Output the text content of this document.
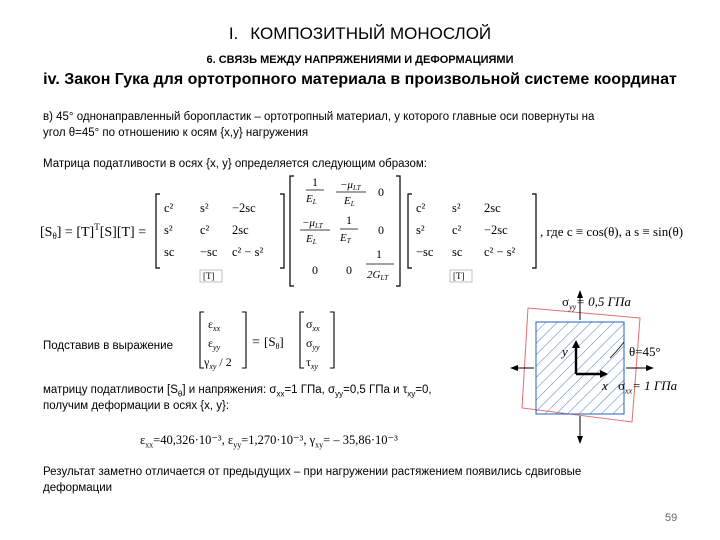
I. КОМПОЗИТНЫЙ МОНОСЛОЙ
6. СВЯЗЬ МЕЖДУ НАПРЯЖЕНИЯМИ И ДЕФОРМАЦИЯМИ
iv. Закон Гука для ортотропного материала в произвольной системе координат
в) 45° однонаправленный боропластик – ортотропный материал, у которого главные оси повернуты на
угол θ=45° по отношению к осям {x,y} нагружения
Матрица податливости в осях {x, y} определяется следующим образом:
$[S_\theta] = [T]^T[S][T]$ =
c² s² −2sc
s² c² 2sc
sc −sc c² − s²
[T]
1
EL
−μLT
EL
0
−μLT
EL
1
ET
0
0 0
1
2GLT
c² s² 2sc
s² c² −2sc
−sc sc c² − s²
[T]
, где c ≡ cos(θ), а s ≡ sin(θ)
Подставив в выражение
$\varepsilon_{xx}$
$\varepsilon_{yy}$
$\gamma_{xy} / 2$
= $[S_\theta]$
$\sigma_{xx}$
$\sigma_{yy}$
$\tau_{xy}$
матрицу податливости $[S_\theta]$ и напряжения: $\sigma_{xx}=1$ ГПа, $\sigma_{yy}=0,5$ ГПа и $\tau_{xy}=0$,
получим деформации в осях {x, y}:
$\varepsilon_{xx}=40,326\cdot 10^{-3}$, $\varepsilon_{yy}=1,270\cdot 10^{-3}$, $\gamma_{xy}= - 35,86\cdot 10^{-3}$
Результат заметно отличается от предыдущих – при нагружении растяжением появились сдвиговые
деформации
y
x
$\sigma_{yy}= 0,5$ ГПа
θ=45°
$\sigma_{xx}= 1$ ГПа
59
